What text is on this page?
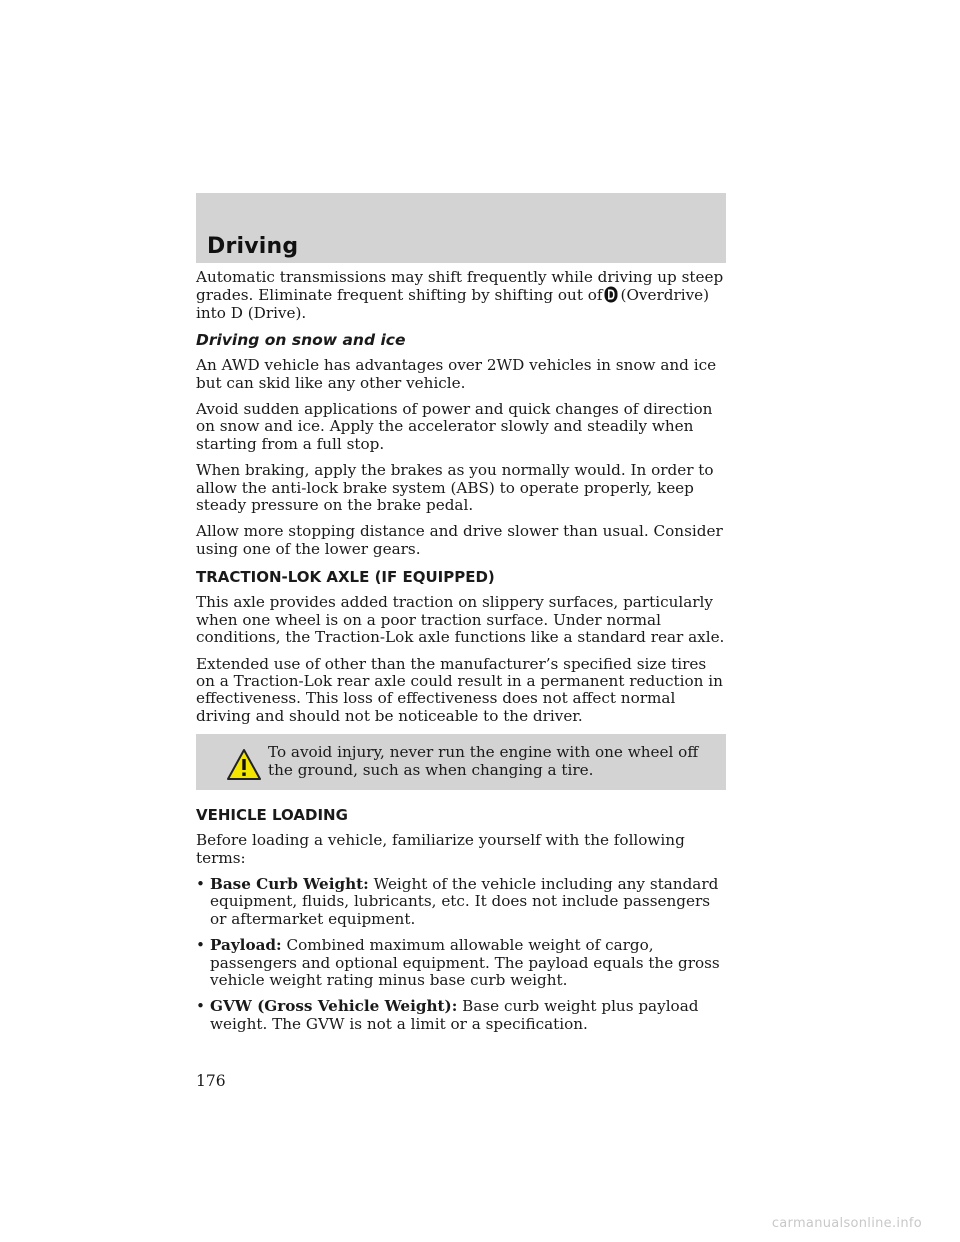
Driving

Automatic transmissions may shift frequently while driving up steep grades. Eliminate frequent shifting by shifting out of (Overdrive) into D (Drive).

Driving on snow and ice

An AWD vehicle has advantages over 2WD vehicles in snow and ice but can skid like any other vehicle.

Avoid sudden applications of power and quick changes of direction on snow and ice. Apply the accelerator slowly and steadily when starting from a full stop.

When braking, apply the brakes as you normally would. In order to allow the anti-lock brake system (ABS) to operate properly, keep steady pressure on the brake pedal.

Allow more stopping distance and drive slower than usual. Consider using one of the lower gears.

TRACTION-LOK AXLE (IF EQUIPPED)

This axle provides added traction on slippery surfaces, particularly when one wheel is on a poor traction surface. Under normal conditions, the Traction-Lok axle functions like a standard rear axle.

Extended use of other than the manufacturer’s specified size tires on a Traction-Lok rear axle could result in a permanent reduction in effectiveness. This loss of effectiveness does not affect normal driving and should not be noticeable to the driver.

To avoid injury, never run the engine with one wheel off the ground, such as when changing a tire.

VEHICLE LOADING

Before loading a vehicle, familiarize yourself with the following terms:

• Base Curb Weight: Weight of the vehicle including any standard equipment, fluids, lubricants, etc. It does not include passengers or aftermarket equipment.
• Payload: Combined maximum allowable weight of cargo, passengers and optional equipment. The payload equals the gross vehicle weight rating minus base curb weight.
• GVW (Gross Vehicle Weight): Base curb weight plus payload weight. The GVW is not a limit or a specification.
176
carmanualsonline.info
